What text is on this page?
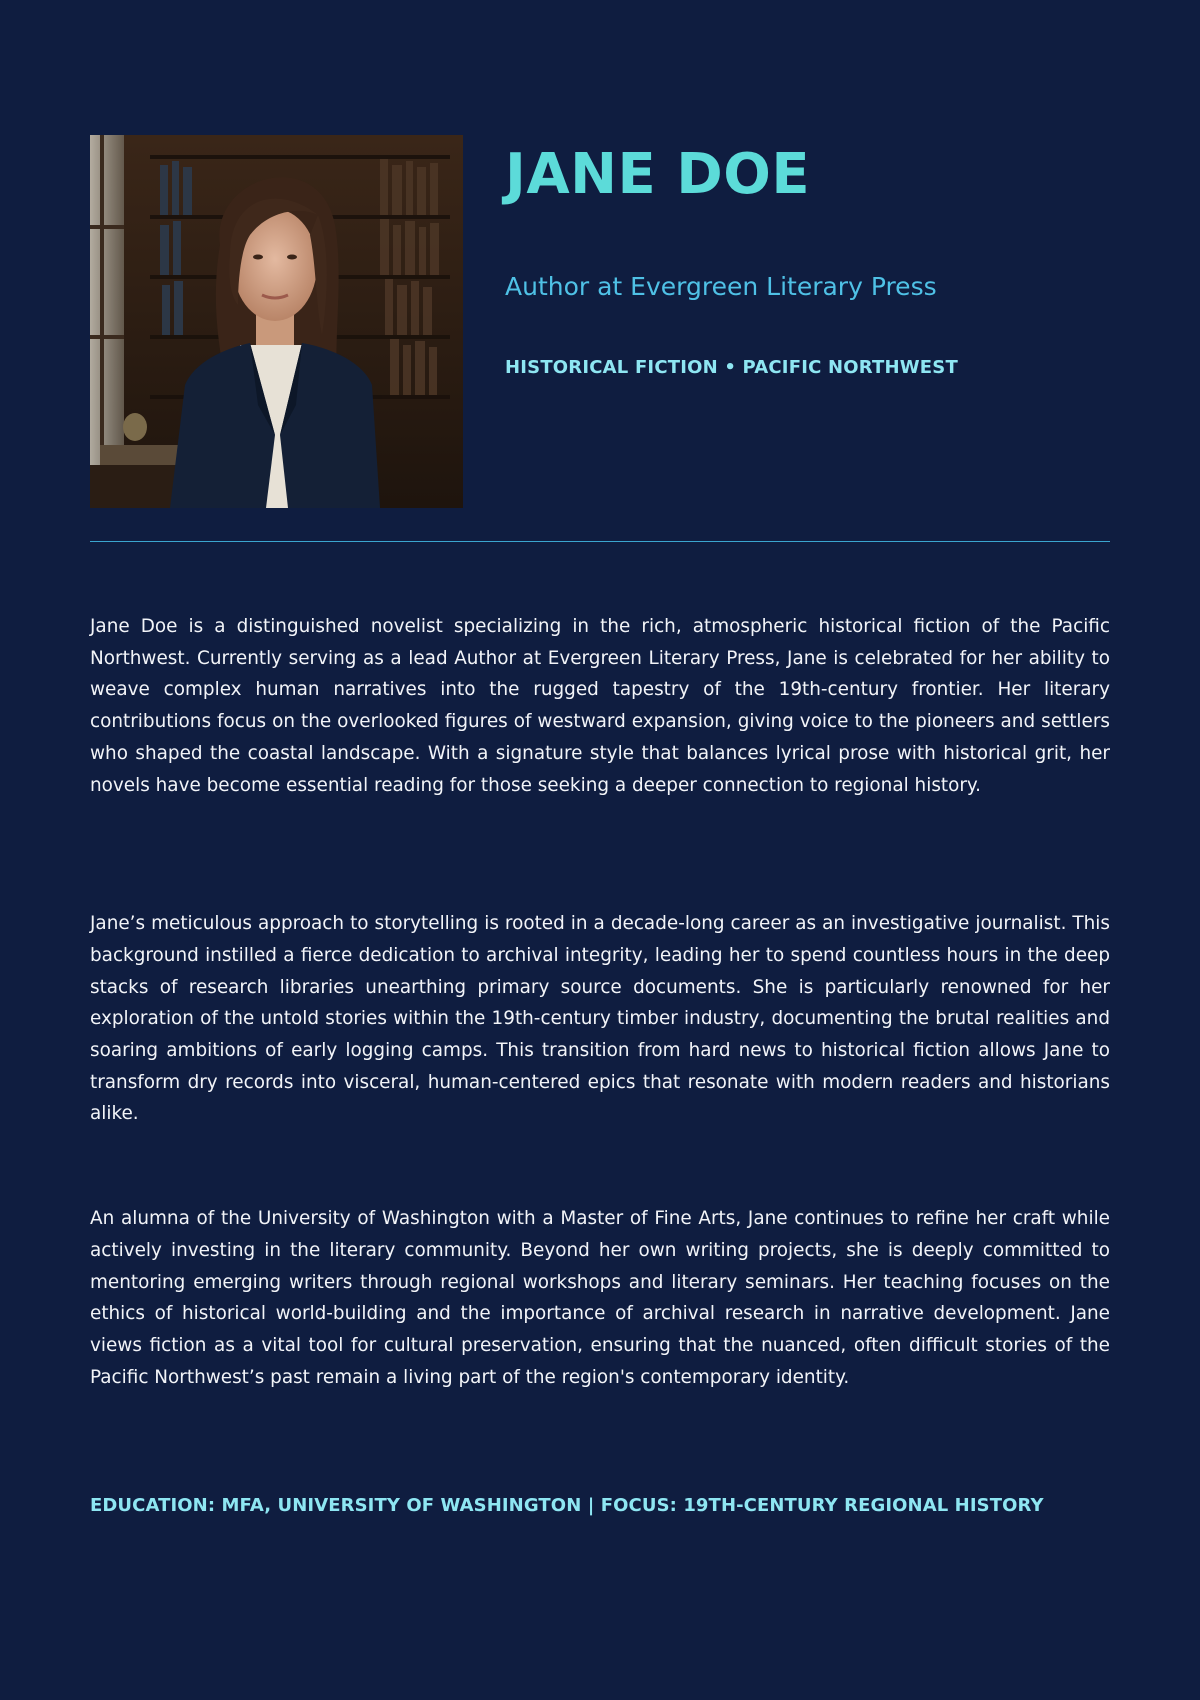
JANE DOE
Author at Evergreen Literary Press
HISTORICAL FICTION • PACIFIC NORTHWEST

Jane Doe is a distinguished novelist specializing in the rich, atmospheric historical fiction of the Pacific Northwest. Currently serving as a lead Author at Evergreen Literary Press, Jane is celebrated for her ability to weave complex human narratives into the rugged tapestry of the 19th-century frontier. Her literary contributions focus on the overlooked figures of westward expansion, giving voice to the pioneers and settlers who shaped the coastal landscape. With a signature style that balances lyrical prose with historical grit, her novels have become essential reading for those seeking a deeper connection to regional history.

Jane’s meticulous approach to storytelling is rooted in a decade-long career as an investigative journalist. This background instilled a fierce dedication to archival integrity, leading her to spend countless hours in the deep stacks of research libraries unearthing primary source documents. She is particularly renowned for her exploration of the untold stories within the 19th-century timber industry, documenting the brutal realities and soaring ambitions of early logging camps. This transition from hard news to historical fiction allows Jane to transform dry records into visceral, human-centered epics that resonate with modern readers and historians alike.

An alumna of the University of Washington with a Master of Fine Arts, Jane continues to refine her craft while actively investing in the literary community. Beyond her own writing projects, she is deeply committed to mentoring emerging writers through regional workshops and literary seminars. Her teaching focuses on the ethics of historical world-building and the importance of archival research in narrative development. Jane views fiction as a vital tool for cultural preservation, ensuring that the nuanced, often difficult stories of the Pacific Northwest’s past remain a living part of the region's contemporary identity.

EDUCATION: MFA, UNIVERSITY OF WASHINGTON | FOCUS: 19TH-CENTURY REGIONAL HISTORY
